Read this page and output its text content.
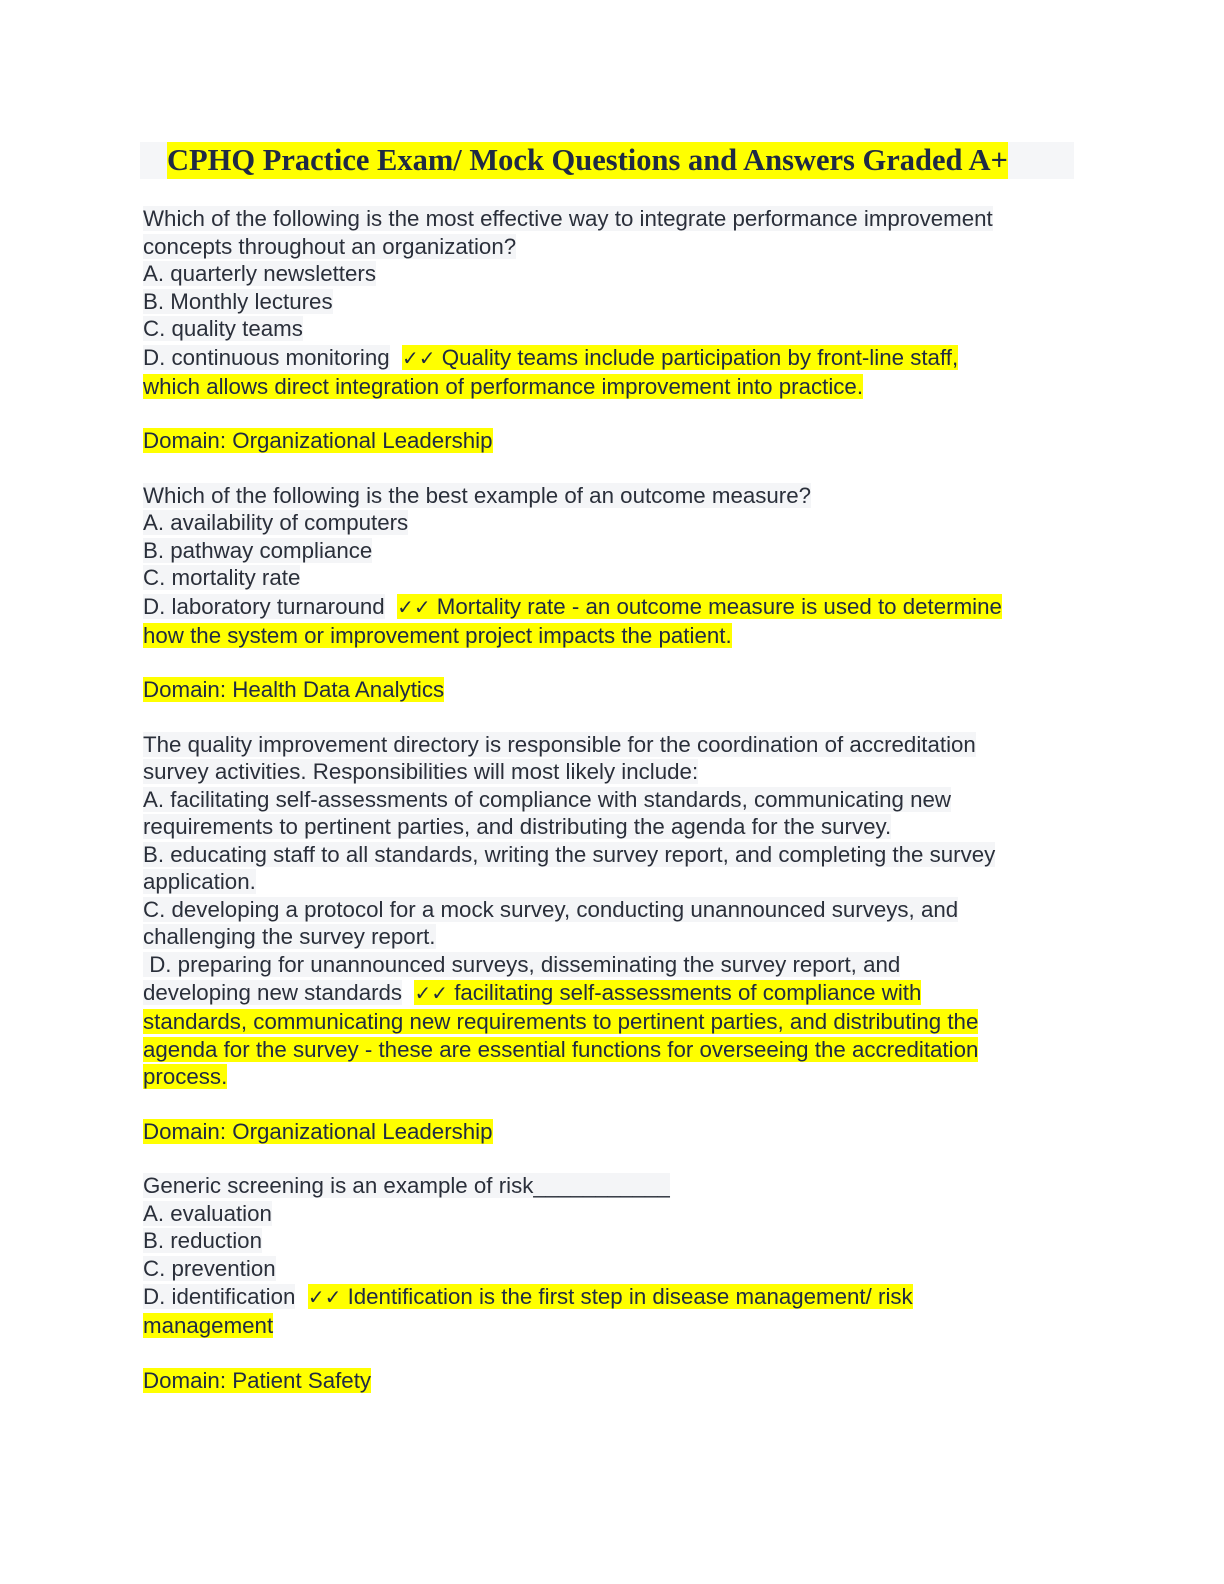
CPHQ Practice Exam/ Mock Questions and Answers Graded A+
Which of the following is the most effective way to integrate performance improvement
concepts throughout an organization?
A. quarterly newsletters
B. Monthly lectures
C. quality teams
D. continuous monitoring ✓✓ Quality teams include participation by front-line staff,
which allows direct integration of performance improvement into practice.
Domain: Organizational Leadership
Which of the following is the best example of an outcome measure?
A. availability of computers
B. pathway compliance
C. mortality rate
D. laboratory turnaround ✓✓ Mortality rate - an outcome measure is used to determine
how the system or improvement project impacts the patient.
Domain: Health Data Analytics
The quality improvement directory is responsible for the coordination of accreditation
survey activities. Responsibilities will most likely include:
A. facilitating self-assessments of compliance with standards, communicating new
requirements to pertinent parties, and distributing the agenda for the survey.
B. educating staff to all standards, writing the survey report, and completing the survey
application.
C. developing a protocol for a mock survey, conducting unannounced surveys, and
challenging the survey report.
D. preparing for unannounced surveys, disseminating the survey report, and
developing new standards ✓✓ facilitating self-assessments of compliance with
standards, communicating new requirements to pertinent parties, and distributing the
agenda for the survey - these are essential functions for overseeing the accreditation
process.
Domain: Organizational Leadership
Generic screening is an example of risk___________
A. evaluation
B. reduction
C. prevention
D. identification ✓✓ Identification is the first step in disease management/ risk
management
Domain: Patient Safety
